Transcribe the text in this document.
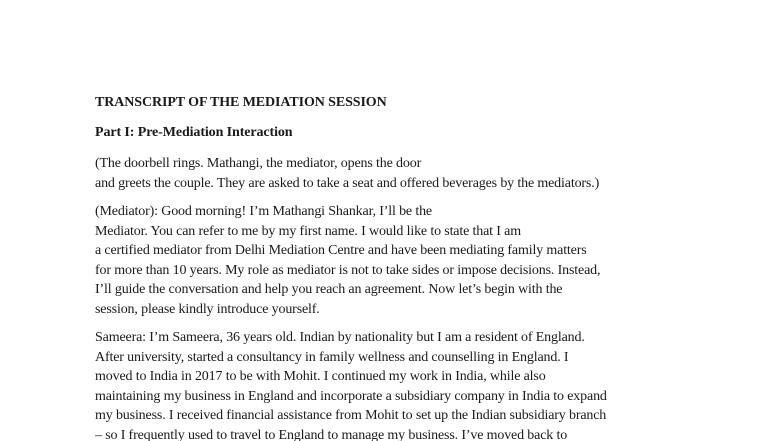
TRANSCRIPT OF THE MEDIATION SESSION
Part I: Pre-Mediation Interaction
(The doorbell rings. Mathangi, the mediator, opens the door
and greets the couple. They are asked to take a seat and offered beverages by the mediators.)
(Mediator): Good morning! I’m Mathangi Shankar, I’ll be the
Mediator. You can refer to me by my first name. I would like to state that I am
a certified mediator from Delhi Mediation Centre and have been mediating family matters
for more than 10 years. My role as mediator is not to take sides or impose decisions. Instead,
I’ll guide the conversation and help you reach an agreement. Now let’s begin with the
session, please kindly introduce yourself.
Sameera: I’m Sameera, 36 years old. Indian by nationality but I am a resident of England.
After university, started a consultancy in family wellness and counselling in England. I
moved to India in 2017 to be with Mohit. I continued my work in India, while also
maintaining my business in England and incorporate a subsidiary company in India to expand
my business. I received financial assistance from Mohit to set up the Indian subsidiary branch
– so I frequently used to travel to England to manage my business. I’ve moved back to
